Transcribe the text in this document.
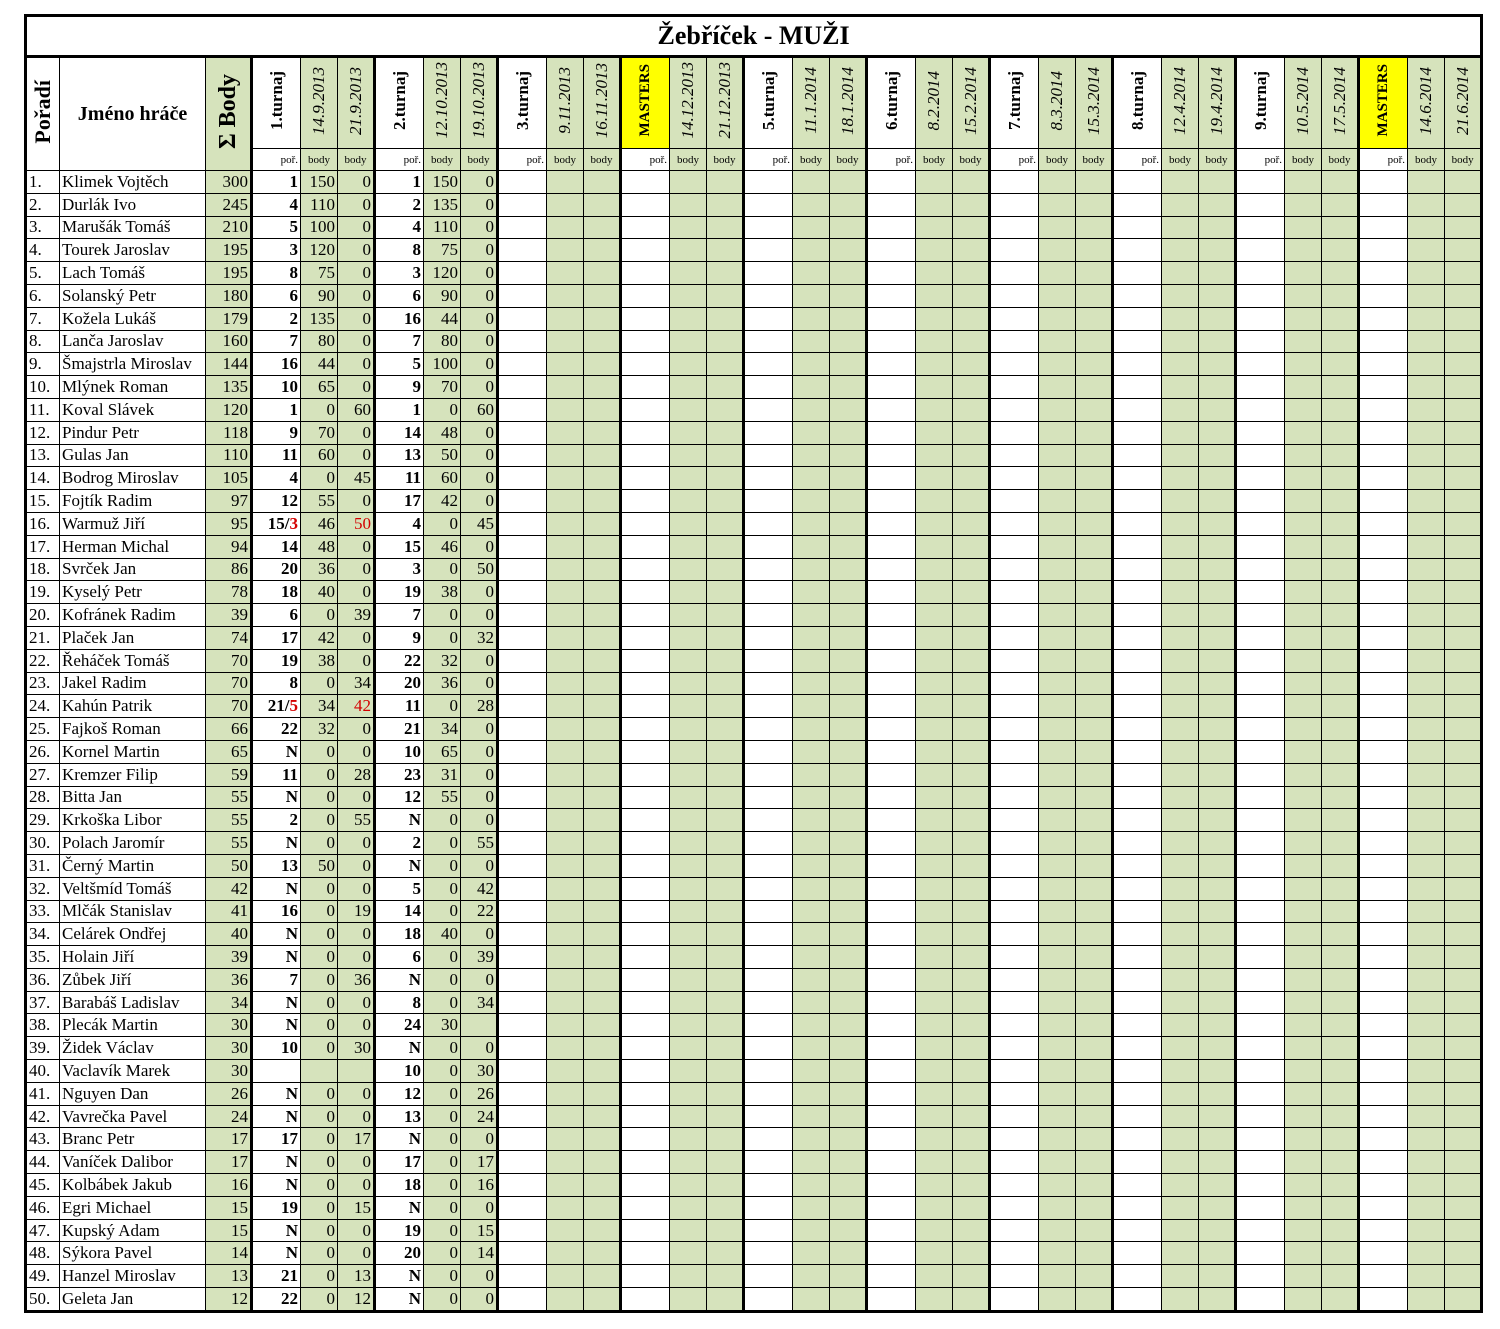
Žebříček - MUŽI																																
Pořadí	Jméno hráče	Σ Body	1.turnaj	14.9.2013	21.9.2013	2.turnaj	12.10.2013	19.10.2013	3.turnaj	9.11.2013	16.11.2013	MASTERS	14.12.2013	21.12.2013	5.turnaj	11.1.2014	18.1.2014	6.turnaj	8.2.2014	15.2.2014	7.turnaj	8.3.2014	15.3.2014	8.turnaj	12.4.2014	19.4.2014	9.turnaj	10.5.2014	17.5.2014	MASTERS	14.6.2014	21.6.2014
			poř.	body	body	poř.	body	body	poř.	body	body	poř.	body	body	poř.	body	body	poř.	body	body	poř.	body	body	poř.	body	body	poř.	body	body	poř.	body	body
1.	Klimek Vojtěch	300	1	150	0	1	150	0																								
2.	Durlák Ivo	245	4	110	0	2	135	0																								
3.	Marušák Tomáš	210	5	100	0	4	110	0																								
4.	Tourek Jaroslav	195	3	120	0	8	75	0																								
5.	Lach Tomáš	195	8	75	0	3	120	0																								
6.	Solanský Petr	180	6	90	0	6	90	0																								
7.	Kožela Lukáš	179	2	135	0	16	44	0																								
8.	Lanča Jaroslav	160	7	80	0	7	80	0																								
9.	Šmajstrla Miroslav	144	16	44	0	5	100	0																								
10.	Mlýnek Roman	135	10	65	0	9	70	0																								
11.	Koval Slávek	120	1	0	60	1	0	60																								
12.	Pindur Petr	118	9	70	0	14	48	0																								
13.	Gulas Jan	110	11	60	0	13	50	0																								
14.	Bodrog Miroslav	105	4	0	45	11	60	0																								
15.	Fojtík Radim	97	12	55	0	17	42	0																								
16.	Warmuž Jiří	95	15/3	46	50	4	0	45																								
17.	Herman Michal	94	14	48	0	15	46	0																								
18.	Svrček Jan	86	20	36	0	3	0	50																								
19.	Kyselý Petr	78	18	40	0	19	38	0																								
20.	Kofránek Radim	39	6	0	39	7	0	0																								
21.	Plaček Jan	74	17	42	0	9	0	32																								
22.	Řeháček Tomáš	70	19	38	0	22	32	0																								
23.	Jakel Radim	70	8	0	34	20	36	0																								
24.	Kahún Patrik	70	21/5	34	42	11	0	28																								
25.	Fajkoš Roman	66	22	32	0	21	34	0																								
26.	Kornel Martin	65	N	0	0	10	65	0																								
27.	Kremzer Filip	59	11	0	28	23	31	0																								
28.	Bitta Jan	55	N	0	0	12	55	0																								
29.	Krkoška Libor	55	2	0	55	N	0	0																								
30.	Polach Jaromír	55	N	0	0	2	0	55																								
31.	Černý Martin	50	13	50	0	N	0	0																								
32.	Veltšmíd Tomáš	42	N	0	0	5	0	42																								
33.	Mlčák Stanislav	41	16	0	19	14	0	22																								
34.	Celárek Ondřej	40	N	0	0	18	40	0																								
35.	Holain Jiří	39	N	0	0	6	0	39																								
36.	Zůbek Jiří	36	7	0	36	N	0	0																								
37.	Barabáš Ladislav	34	N	0	0	8	0	34																								
38.	Plecák Martin	30	N	0	0	24	30																									
39.	Židek Václav	30	10	0	30	N	0	0																								
40.	Vaclavík Marek	30				10	0	30																								
41.	Nguyen Dan	26	N	0	0	12	0	26																								
42.	Vavrečka Pavel	24	N	0	0	13	0	24																								
43.	Branc Petr	17	17	0	17	N	0	0																								
44.	Vaníček Dalibor	17	N	0	0	17	0	17																								
45.	Kolbábek Jakub	16	N	0	0	18	0	16																								
46.	Egri Michael	15	19	0	15	N	0	0																								
47.	Kupský Adam	15	N	0	0	19	0	15																								
48.	Sýkora Pavel	14	N	0	0	20	0	14																								
49.	Hanzel Miroslav	13	21	0	13	N	0	0																								
50.	Geleta Jan	12	22	0	12	N	0	0																								
